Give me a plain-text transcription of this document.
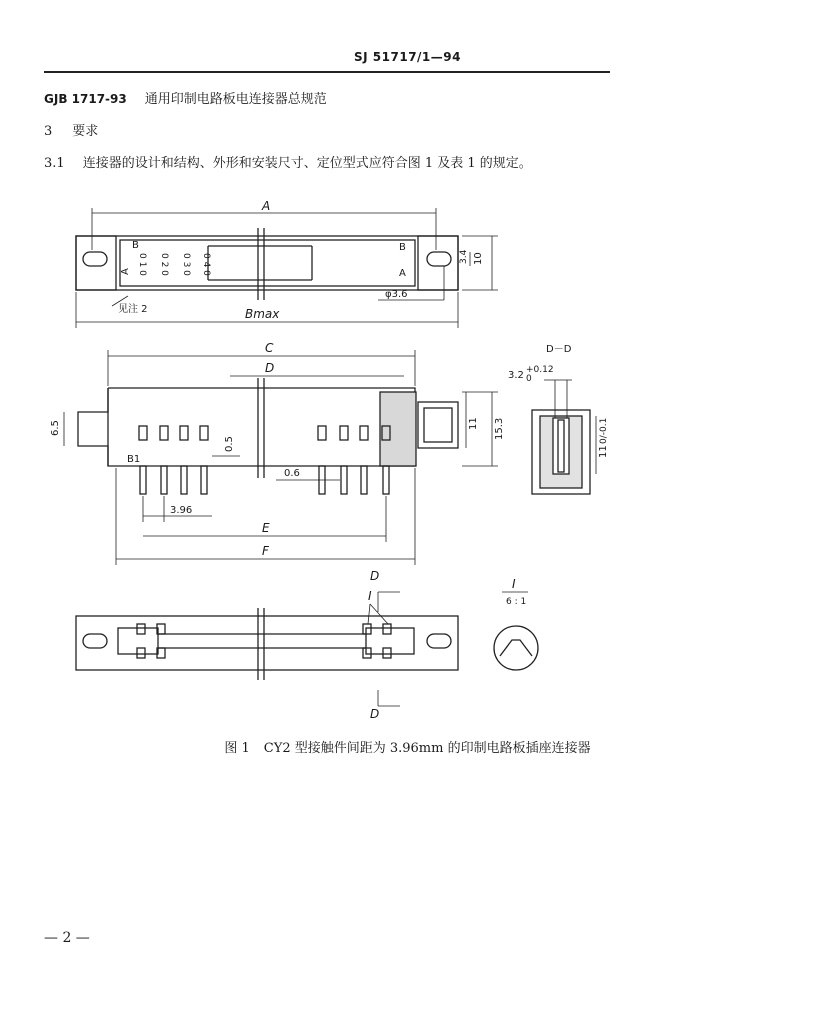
SJ 51717/1—94
GJB 1717-93 通用印制电路板电连接器总规范
3 要求
3.1 连接器的设计和结构、外形和安装尺寸、定位型式应符合图 1 及表 1 的规定。
A
10
3.4
见注 2
φ3.6
Bmax
A
B
A
B
0 1 0 0 2 0 0 3 0 0 4 0
C
D
6.5
B1
0.5
0.6
3.96
E
F
11 15.3
D－D
3.2 +0.12
0
11
0/-0.1
D
D
I
I
6 : 1
图 1 CY2 型接触件间距为 3.96mm 的印制电路板插座连接器
— 2 —
